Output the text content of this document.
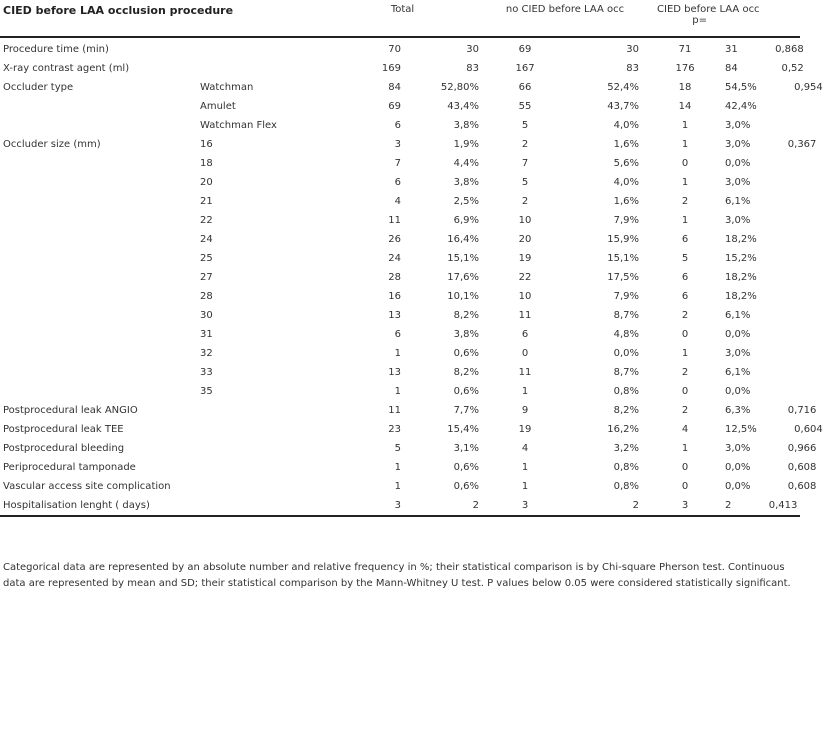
CIED before LAA occlusion procedure		Total		no CIED before LAA occ		CIED before LAA occ p=	
Procedure time (min)		70	30	69	30	71	31 0,868
X-ray contrast agent (ml)		169	83	167	83	176	84 0,52
Occluder type	Watchman	84	52,80%	66	52,4%	18	54,5% 0,954
	Amulet	69	43,4%	55	43,7%	14	42,4%
	Watchman Flex	6	3,8%	5	4,0%	1	3,0%
Occluder size (mm)	16	3	1,9%	2	1,6%	1	3,0% 0,367
	18	7	4,4%	7	5,6%	0	0,0%
	20	6	3,8%	5	4,0%	1	3,0%
	21	4	2,5%	2	1,6%	2	6,1%
	22	11	6,9%	10	7,9%	1	3,0%
	24	26	16,4%	20	15,9%	6	18,2%
	25	24	15,1%	19	15,1%	5	15,2%
	27	28	17,6%	22	17,5%	6	18,2%
	28	16	10,1%	10	7,9%	6	18,2%
	30	13	8,2%	11	8,7%	2	6,1%
	31	6	3,8%	6	4,8%	0	0,0%
	32	1	0,6%	0	0,0%	1	3,0%
	33	13	8,2%	11	8,7%	2	6,1%
	35	1	0,6%	1	0,8%	0	0,0%
Postprocedural leak ANGIO		11	7,7%	9	8,2%	2	6,3% 0,716
Postprocedural leak TEE		23	15,4%	19	16,2%	4	12,5% 0,604
Postprocedural bleeding		5	3,1%	4	3,2%	1	3,0% 0,966
Periprocedural tamponade		1	0,6%	1	0,8%	0	0,0% 0,608
Vascular access site complication		1	0,6%	1	0,8%	0	0,0% 0,608
Hospitalisation lenght ( days)		3	2	3	2	3	2 0,413
Categorical data are represented by an absolute number and relative frequency in %; their statistical comparison is by Chi-square Pherson test. Continuous data are represented by mean and SD; their statistical comparison by the Mann-Whitney U test. P values below 0.05 were considered statistically significant.
